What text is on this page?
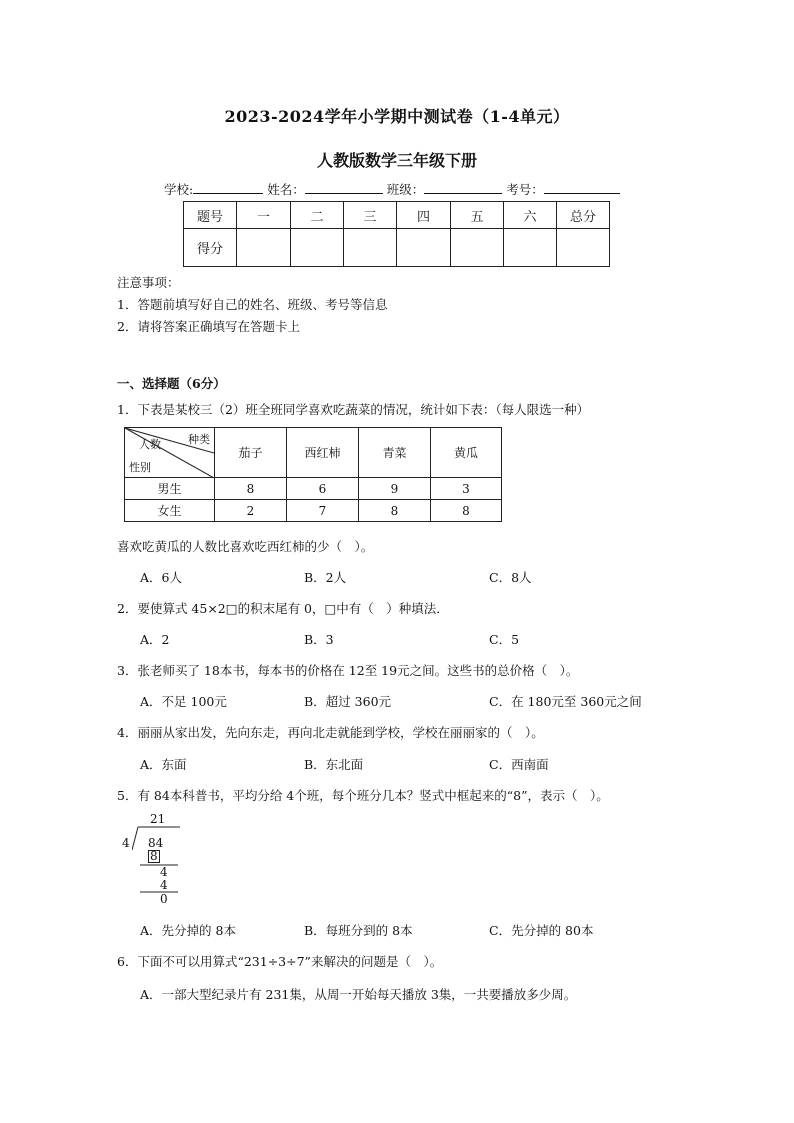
2023-2024学年小学期中测试卷（1-4单元）
人教版数学三年级下册
学校:	姓名：	班级：	考号：
题号	一	二	三	四	五	六	总分
得分							
注意事项：
1．答题前填写好自己的姓名、班级、考号等信息
2．请将答案正确填写在答题卡上
一、选择题（6分）
1．下表是某校三（2）班全班同学喜欢吃蔬菜的情况，统计如下表：（每人限选一种）
种类
人数
性别	茄子	西红柿	青菜	黄瓜
男生	8	6	9	3
女生	2	7	8	8
喜欢吃黄瓜的人数比喜欢吃西红柿的少（　）。
A．6人	B．2人	C．8人
2．要使算式 45×2□的积末尾有 0，□中有（　）种填法．
A．2	B．3	C．5
3．张老师买了 18本书，每本书的价格在 12至 19元之间。这些书的总价格（　）。
A．不足 100元	B．超过 360元	C．在 180元至 360元之间
4．丽丽从家出发，先向东走，再向北走就能到学校，学校在丽丽家的（　）。
A．东面	B．东北面	C．西南面
5．有 84本科普书，平均分给 4个班，每个班分几本？竖式中框起来的“8”，表示（　）。
21
4 84
8
4
4
0
A．先分掉的 8本	B．每班分到的 8本	C．先分掉的 80本
6．下面不可以用算式“231÷3÷7”来解决的问题是（　）。
A．一部大型纪录片有 231集，从周一开始每天播放 3集，一共要播放多少周。
